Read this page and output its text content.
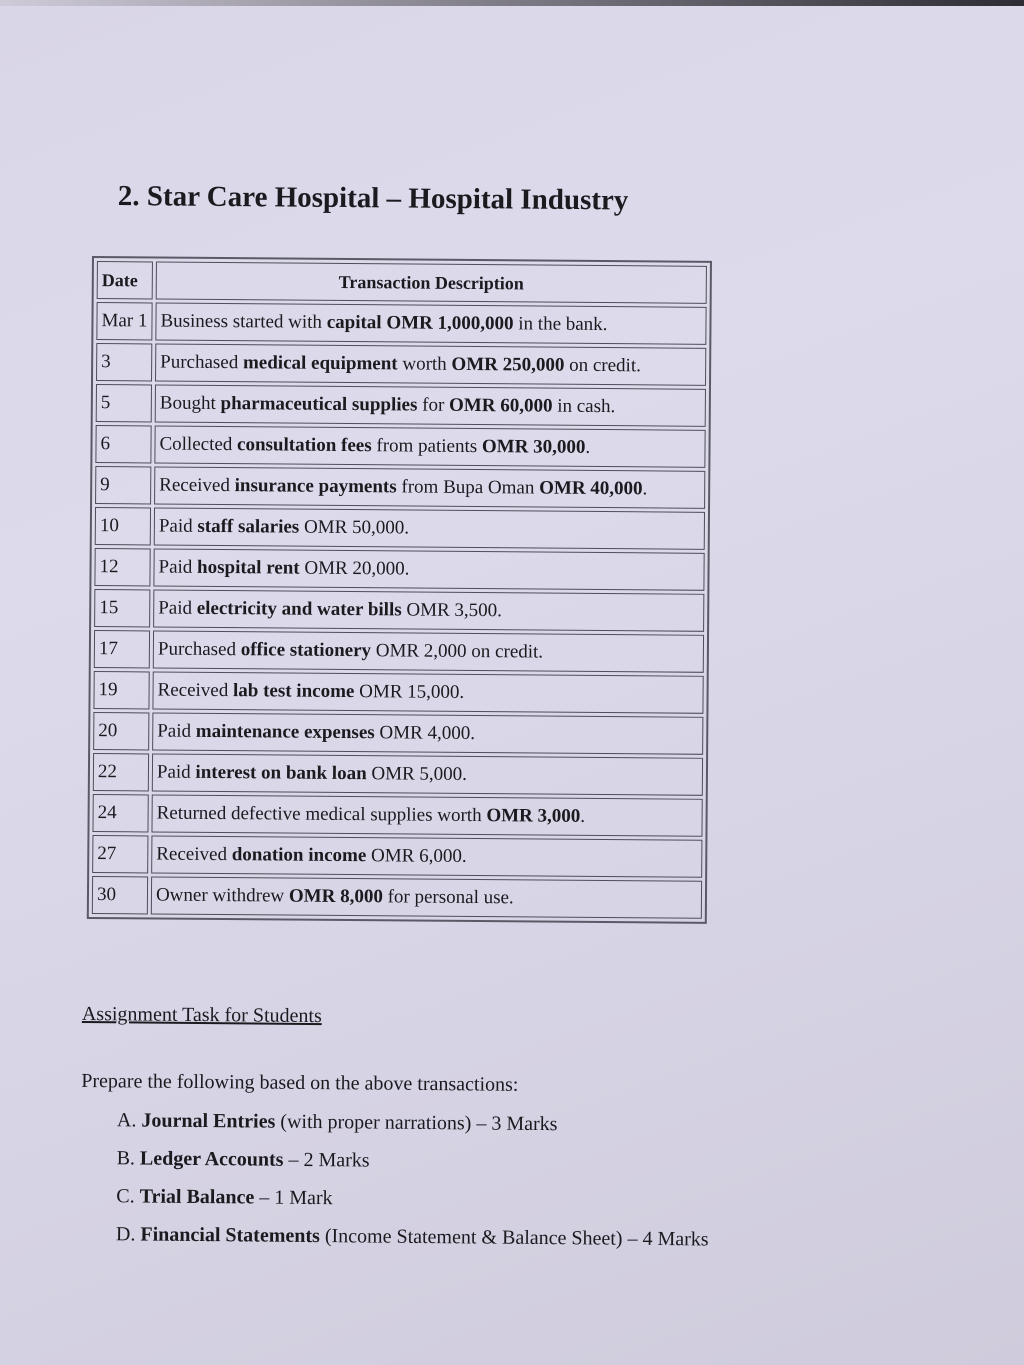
2. Star Care Hospital – Hospital Industry
Date	Transaction Description
Mar 1	Business started with capital OMR 1,000,000 in the bank.
3	Purchased medical equipment worth OMR 250,000 on credit.
5	Bought pharmaceutical supplies for OMR 60,000 in cash.
6	Collected consultation fees from patients OMR 30,000.
9	Received insurance payments from Bupa Oman OMR 40,000.
10	Paid staff salaries OMR 50,000.
12	Paid hospital rent OMR 20,000.
15	Paid electricity and water bills OMR 3,500.
17	Purchased office stationery OMR 2,000 on credit.
19	Received lab test income OMR 15,000.
20	Paid maintenance expenses OMR 4,000.
22	Paid interest on bank loan OMR 5,000.
24	Returned defective medical supplies worth OMR 3,000.
27	Received donation income OMR 6,000.
30	Owner withdrew OMR 8,000 for personal use.

Assignment Task for Students

Prepare the following based on the above transactions:

A. Journal Entries (with proper narrations) – 3 Marks
B. Ledger Accounts – 2 Marks
C. Trial Balance – 1 Mark
D. Financial Statements (Income Statement & Balance Sheet) – 4 Marks
